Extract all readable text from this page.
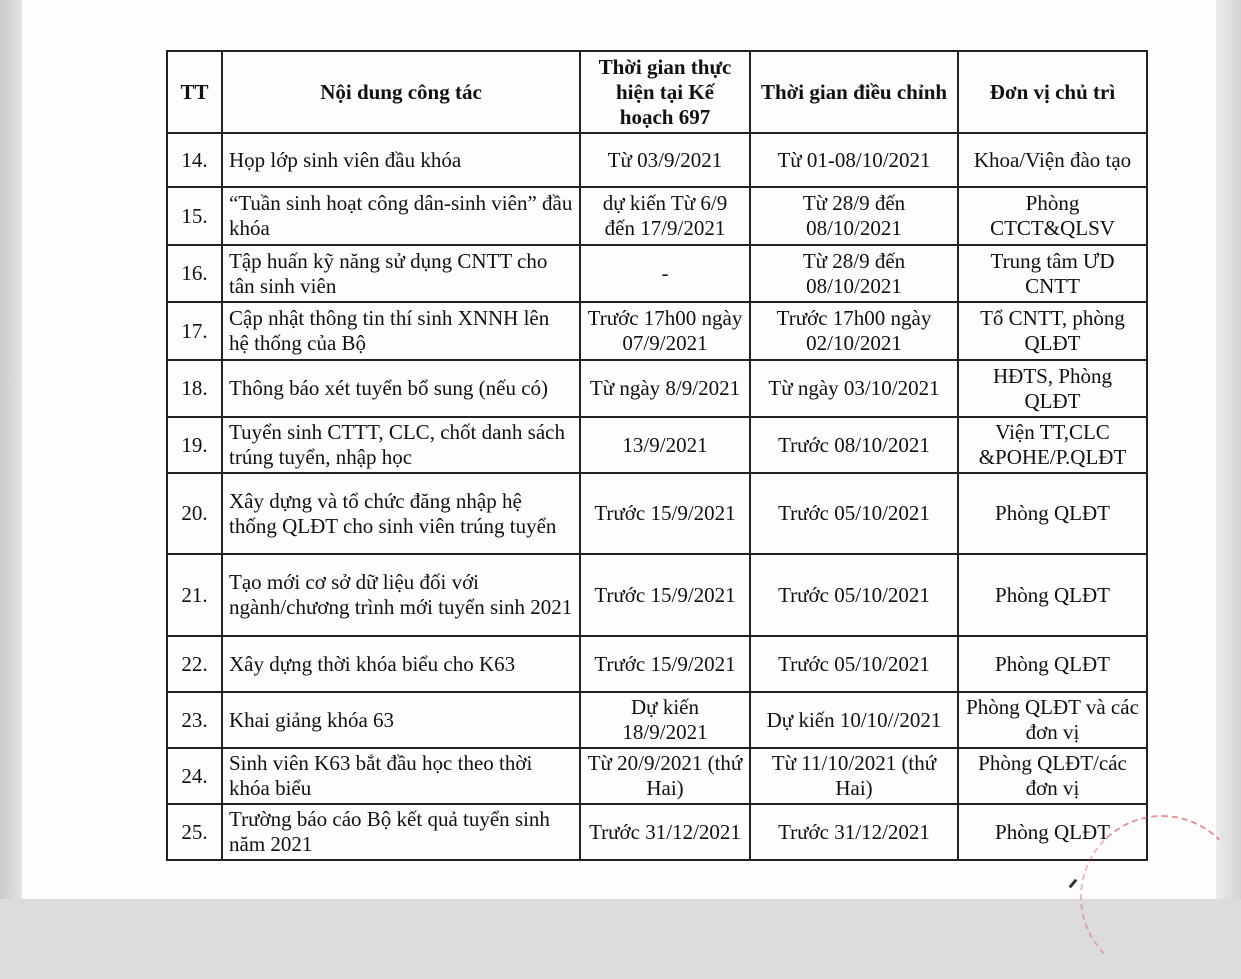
TT	Nội dung công tác	Thời gian thực hiện tại Kế hoạch 697	Thời gian điều chỉnh	Đơn vị chủ trì
14.	Họp lớp sinh viên đầu khóa	Từ 03/9/2021	Từ 01-08/10/2021	Khoa/Viện đào tạo
15.	“Tuần sinh hoạt công dân-sinh viên” đầu khóa	dự kiến Từ 6/9 đến 17/9/2021	Từ 28/9 đến 08/10/2021	Phòng CTCT&QLSV
16.	Tập huấn kỹ năng sử dụng CNTT cho tân sinh viên	-	Từ 28/9 đến 08/10/2021	Trung tâm ƯD CNTT
17.	Cập nhật thông tin thí sinh XNNH lên hệ thống của Bộ	Trước 17h00 ngày 07/9/2021	Trước 17h00 ngày 02/10/2021	Tổ CNTT, phòng QLĐT
18.	Thông báo xét tuyển bổ sung (nếu có)	Từ ngày 8/9/2021	Từ ngày 03/10/2021	HĐTS, Phòng QLĐT
19.	Tuyển sinh CTTT, CLC, chốt danh sách trúng tuyển, nhập học	13/9/2021	Trước 08/10/2021	Viện TT,CLC &POHE/P.QLĐT
20.	Xây dựng và tổ chức đăng nhập hệ thống QLĐT cho sinh viên trúng tuyển	Trước 15/9/2021	Trước 05/10/2021	Phòng QLĐT
21.	Tạo mới cơ sở dữ liệu đối với ngành/chương trình mới tuyển sinh 2021	Trước 15/9/2021	Trước 05/10/2021	Phòng QLĐT
22.	Xây dựng thời khóa biểu cho K63	Trước 15/9/2021	Trước 05/10/2021	Phòng QLĐT
23.	Khai giảng khóa 63	Dự kiến 18/9/2021	Dự kiến 10/10//2021	Phòng QLĐT và các đơn vị
24.	Sinh viên K63 bắt đầu học theo thời khóa biểu	Từ 20/9/2021 (thứ Hai)	Từ 11/10/2021 (thứ Hai)	Phòng QLĐT/các đơn vị
25.	Trường báo cáo Bộ kết quả tuyển sinh năm 2021	Trước 31/12/2021	Trước 31/12/2021	Phòng QLĐT
